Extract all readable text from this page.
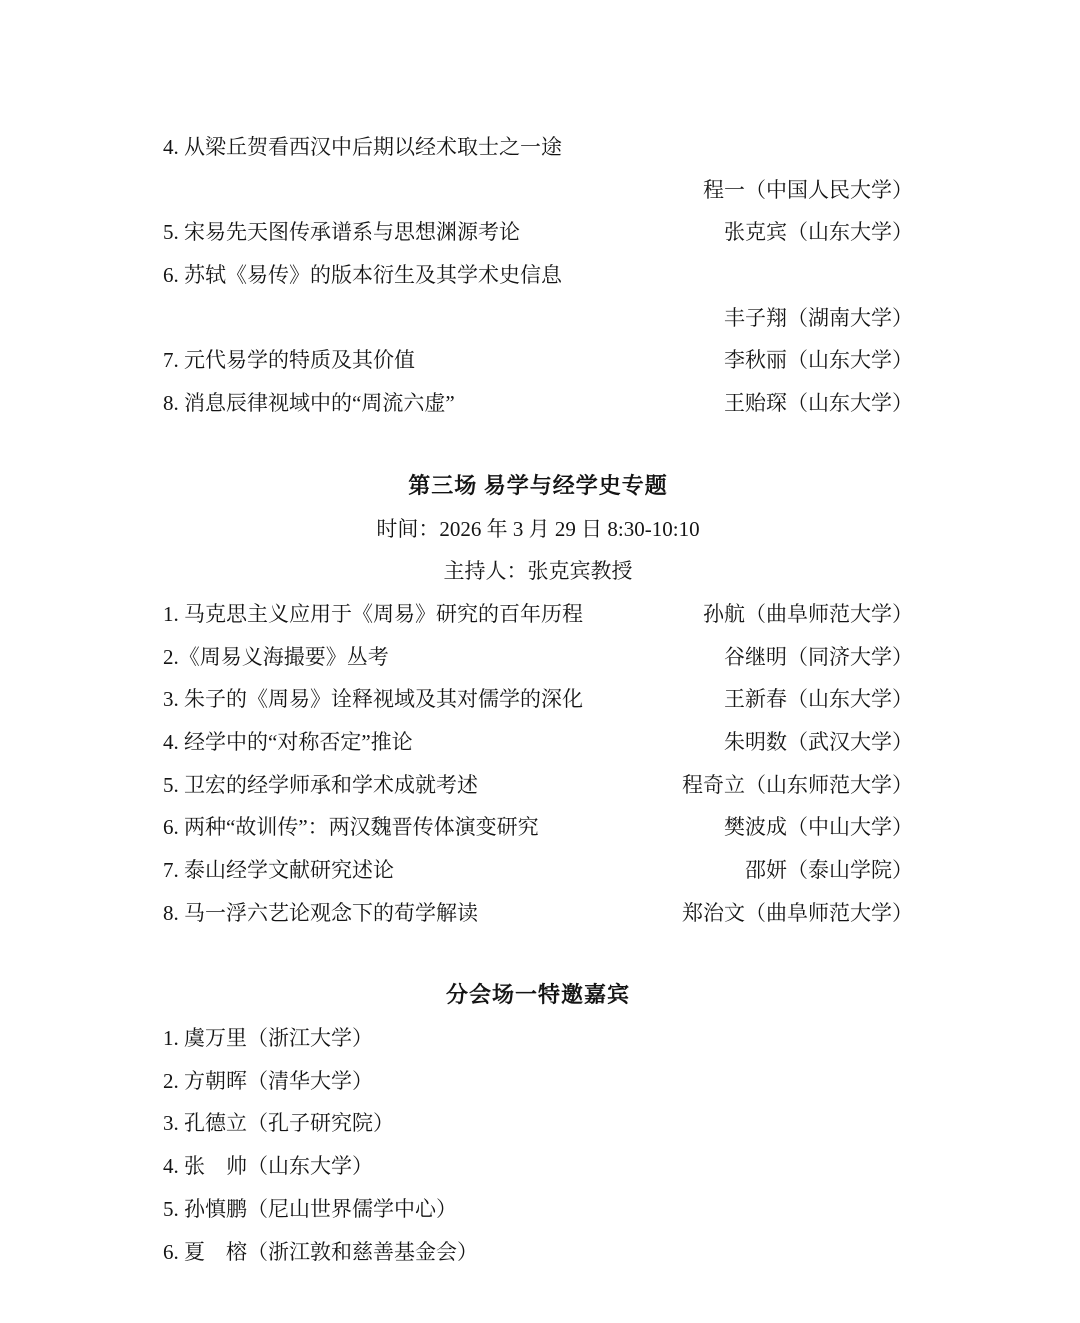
4. 从梁丘贺看西汉中后期以经术取士之一途
程一（中国人民大学）
5. 宋易先天图传承谱系与思想渊源考论	张克宾（山东大学）
6. 苏轼《易传》的版本衍生及其学术史信息
丰子翔（湖南大学）
7. 元代易学的特质及其价值	李秋丽（山东大学）
8. 消息辰律视域中的“周流六虚”	王贻琛（山东大学）
第三场 易学与经学史专题
时间：2026 年 3 月 29 日 8:30-10:10
主持人：张克宾教授
1. 马克思主义应用于《周易》研究的百年历程	孙航（曲阜师范大学）
2.《周易义海撮要》丛考	谷继明（同济大学）
3. 朱子的《周易》诠释视域及其对儒学的深化	王新春（山东大学）
4. 经学中的“对称否定”推论	朱明数（武汉大学）
5. 卫宏的经学师承和学术成就考述	程奇立（山东师范大学）
6. 两种“故训传”：两汉魏晋传体演变研究	樊波成（中山大学）
7. 泰山经学文献研究述论	邵妍（泰山学院）
8. 马一浮六艺论观念下的荀学解读	郑治文（曲阜师范大学）
分会场一特邀嘉宾
1. 虞万里（浙江大学）
2. 方朝晖（清华大学）
3. 孔德立（孔子研究院）
4. 张　帅（山东大学）
5. 孙慎鹏（尼山世界儒学中心）
6. 夏　榕（浙江敦和慈善基金会）
